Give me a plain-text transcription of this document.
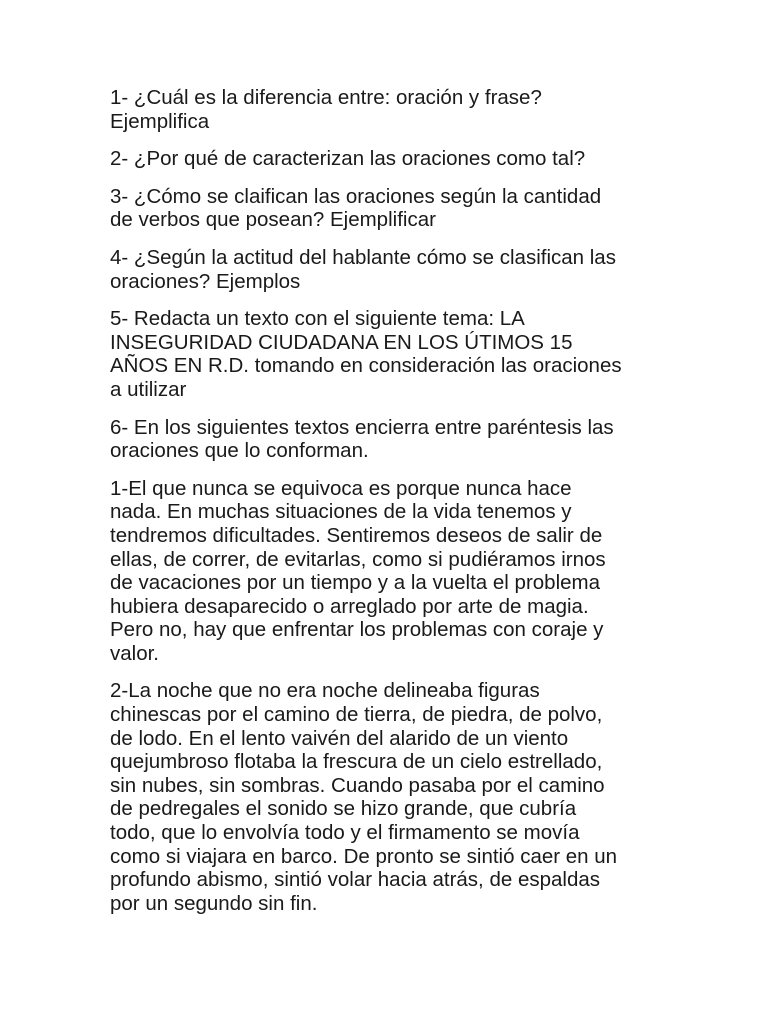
1- ¿Cuál es la diferencia entre: oración y frase?
Ejemplifica

2- ¿Por qué de caracterizan las oraciones como tal?

3- ¿Cómo se claifican las oraciones según la cantidad
de verbos que posean? Ejemplificar

4- ¿Según la actitud del hablante cómo se clasifican las
oraciones? Ejemplos

5- Redacta un texto con el siguiente tema: LA
INSEGURIDAD CIUDADANA EN LOS ÚTIMOS 15
AÑOS EN R.D. tomando en consideración las oraciones
a utilizar

6- En los siguientes textos encierra entre paréntesis las
oraciones que lo conforman.

1-El que nunca se equivoca es porque nunca hace
nada. En muchas situaciones de la vida tenemos y
tendremos dificultades. Sentiremos deseos de salir de
ellas, de correr, de evitarlas, como si pudiéramos irnos
de vacaciones por un tiempo y a la vuelta el problema
hubiera desaparecido o arreglado por arte de magia.
Pero no, hay que enfrentar los problemas con coraje y
valor.

2-La noche que no era noche delineaba figuras
chinescas por el camino de tierra, de piedra, de polvo,
de lodo. En el lento vaivén del alarido de un viento
quejumbroso flotaba la frescura de un cielo estrellado,
sin nubes, sin sombras. Cuando pasaba por el camino
de pedregales el sonido se hizo grande, que cubría
todo, que lo envolvía todo y el firmamento se movía
como si viajara en barco. De pronto se sintió caer en un
profundo abismo, sintió volar hacia atrás, de espaldas
por un segundo sin fin.
